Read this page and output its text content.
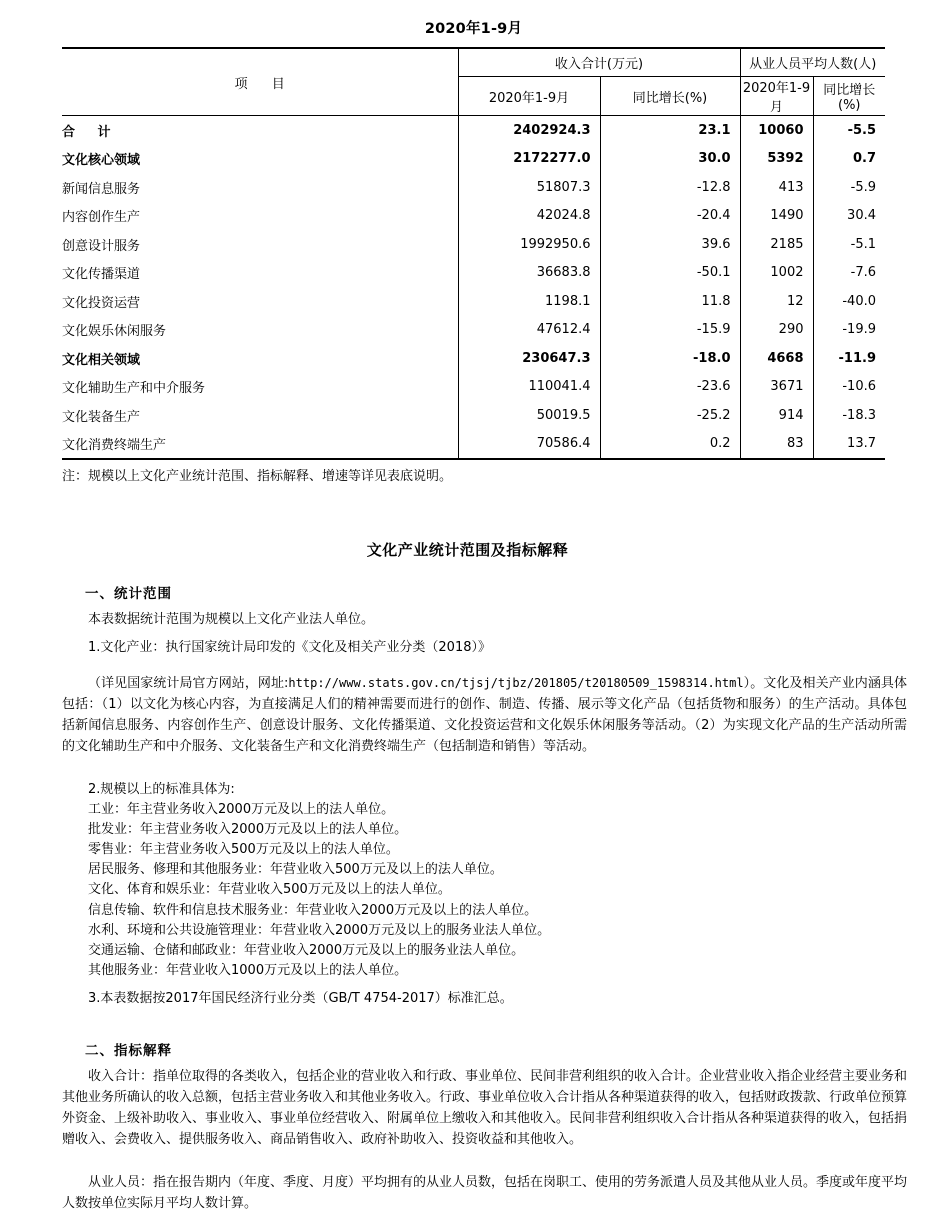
2020年1-9月
项 目	收入合计(万元)		从业人员平均人数(人)	
	2020年1-9月	同比增长(%)	2020年1-9月	同比增长(%)
合 计	2402924.3	23.1	10060	-5.5
文化核心领域	2172277.0	30.0	5392	0.7
新闻信息服务	51807.3	-12.8	413	-5.9
内容创作生产	42024.8	-20.4	1490	30.4
创意设计服务	1992950.6	39.6	2185	-5.1
文化传播渠道	36683.8	-50.1	1002	-7.6
文化投资运营	1198.1	11.8	12	-40.0
文化娱乐休闲服务	47612.4	-15.9	290	-19.9
文化相关领域	230647.3	-18.0	4668	-11.9
文化辅助生产和中介服务	110041.4	-23.6	3671	-10.6
文化装备生产	50019.5	-25.2	914	-18.3
文化消费终端生产	70586.4	0.2	83	13.7
注：规模以上文化产业统计范围、指标解释、增速等详见表底说明。
文化产业统计范围及指标解释
一、统计范围

本表数据统计范围为规模以上文化产业法人单位。

1.文化产业：执行国家统计局印发的《文化及相关产业分类（2018）》

（详见国家统计局官方网站，网址:http://www.stats.gov.cn/tjsj/tjbz/201805/t20180509_1598314.html）。文化及相关产业内涵具体包括：（1）以文化为核心内容，为直接满足人们的精神需要而进行的创作、制造、传播、展示等文化产品（包括货物和服务）的生产活动。具体包括新闻信息服务、内容创作生产、创意设计服务、文化传播渠道、文化投资运营和文化娱乐休闲服务等活动。（2）为实现文化产品的生产活动所需的文化辅助生产和中介服务、文化装备生产和文化消费终端生产（包括制造和销售）等活动。

2.规模以上的标准具体为:

工业：年主营业务收入2000万元及以上的法人单位。

批发业：年主营业务收入2000万元及以上的法人单位。

零售业：年主营业务收入500万元及以上的法人单位。

居民服务、修理和其他服务业：年营业收入500万元及以上的法人单位。

文化、体育和娱乐业：年营业收入500万元及以上的法人单位。

信息传输、软件和信息技术服务业：年营业收入2000万元及以上的法人单位。

水利、环境和公共设施管理业：年营业收入2000万元及以上的服务业法人单位。

交通运输、仓储和邮政业：年营业收入2000万元及以上的服务业法人单位。

其他服务业：年营业收入1000万元及以上的法人单位。

3.本表数据按2017年国民经济行业分类（GB/T 4754-2017）标准汇总。

二、指标解释

收入合计：指单位取得的各类收入，包括企业的营业收入和行政、事业单位、民间非营利组织的收入合计。企业营业收入指企业经营主要业务和其他业务所确认的收入总额，包括主营业务收入和其他业务收入。行政、事业单位收入合计指从各种渠道获得的收入，包括财政拨款、行政单位预算外资金、上级补助收入、事业收入、事业单位经营收入、附属单位上缴收入和其他收入。民间非营利组织收入合计指从各种渠道获得的收入，包括捐赠收入、会费收入、提供服务收入、商品销售收入、政府补助收入、投资收益和其他收入。

从业人员：指在报告期内（年度、季度、月度）平均拥有的从业人员数，包括在岗职工、使用的劳务派遣人员及其他从业人员。季度或年度平均人数按单位实际月平均人数计算。
